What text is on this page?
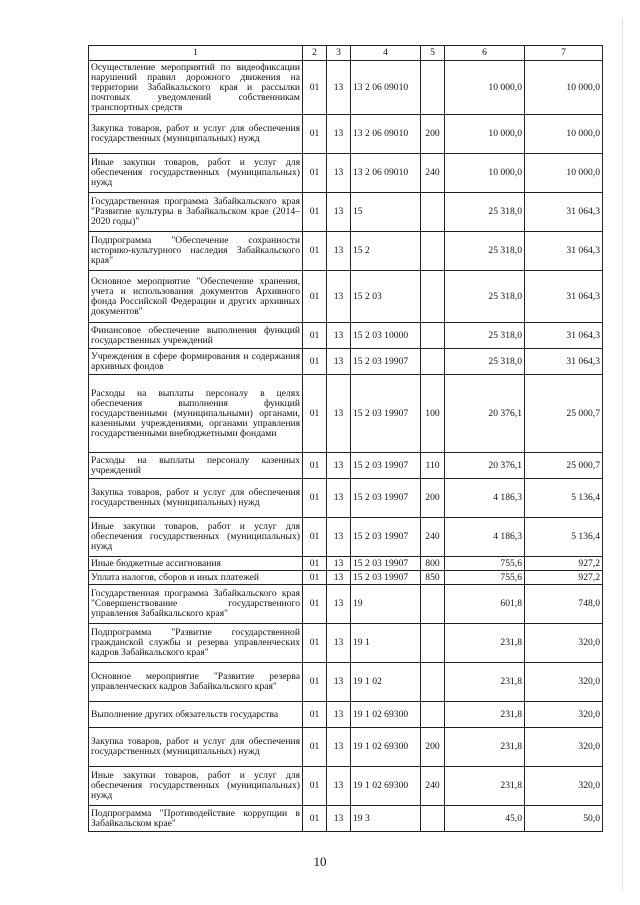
1	2	3	4	5	6	7
Осуществление мероприятий по видеофиксации нарушений правил дорожного движения на территории Забайкальского края и рассылки почтовых уведомлений собственникам транспортных средств	01	13	13 2 06 09010		10 000,0	10 000,0
Закупка товаров, работ и услуг для обеспечения государственных (муниципальных) нужд	01	13	13 2 06 09010	200	10 000,0	10 000,0
Иные закупки товаров, работ и услуг для обеспечения государственных (муниципальных) нужд	01	13	13 2 06 09010	240	10 000,0	10 000,0
Государственная программа Забайкальского края "Развитие культуры в Забайкальском крае (2014–2020 годы)"	01	13	15		25 318,0	31 064,3
Подпрограмма "Обеспечение сохранности историко-культурного наследия Забайкальского края"	01	13	15 2		25 318,0	31 064,3
Основное мероприятие "Обеспечение хранения, учета и использования документов Архивного фонда Российской Федерации и других архивных документов"	01	13	15 2 03		25 318,0	31 064,3
Финансовое обеспечение выполнения функций государственных учреждений	01	13	15 2 03 10000		25 318,0	31 064,3
Учреждения в сфере формирования и содержания архивных фондов	01	13	15 2 03 19907		25 318,0	31 064,3
Расходы на выплаты персоналу в целях обеспечения выполнения функций государственными (муниципальными) органами, казенными учреждениями, органами управления государственными внебюджетными фондами	01	13	15 2 03 19907	100	20 376,1	25 000,7
Расходы на выплаты персоналу казенных учреждений	01	13	15 2 03 19907	110	20 376,1	25 000,7
Закупка товаров, работ и услуг для обеспечения государственных (муниципальных) нужд	01	13	15 2 03 19907	200	4 186,3	5 136,4
Иные закупки товаров, работ и услуг для обеспечения государственных (муниципальных) нужд	01	13	15 2 03 19907	240	4 186,3	5 136,4
Иные бюджетные ассигнования	01	13	15 2 03 19907	800	755,6	927,2
Уплата налогов, сборов и иных платежей	01	13	15 2 03 19907	850	755,6	927,2
Государственная программа Забайкальского края "Совершенствование государственного управления Забайкальского края"	01	13	19		601,8	748,0
Подпрограмма "Развитие государственной гражданской службы и резерва управленческих кадров Забайкальского края"	01	13	19 1		231,8	320,0
Основное мероприятие "Развитие резерва управленческих кадров Забайкальского края"	01	13	19 1 02		231,8	320,0
Выполнение других обязательств государства	01	13	19 1 02 69300		231,8	320,0
Закупка товаров, работ и услуг для обеспечения государственных (муниципальных) нужд	01	13	19 1 02 69300	200	231,8	320,0
Иные закупки товаров, работ и услуг для обеспечения государственных (муниципальных) нужд	01	13	19 1 02 69300	240	231,8	320,0
Подпрограмма "Противодействие коррупции в Забайкальском крае"	01	13	19 3		45,0	50,0
10
